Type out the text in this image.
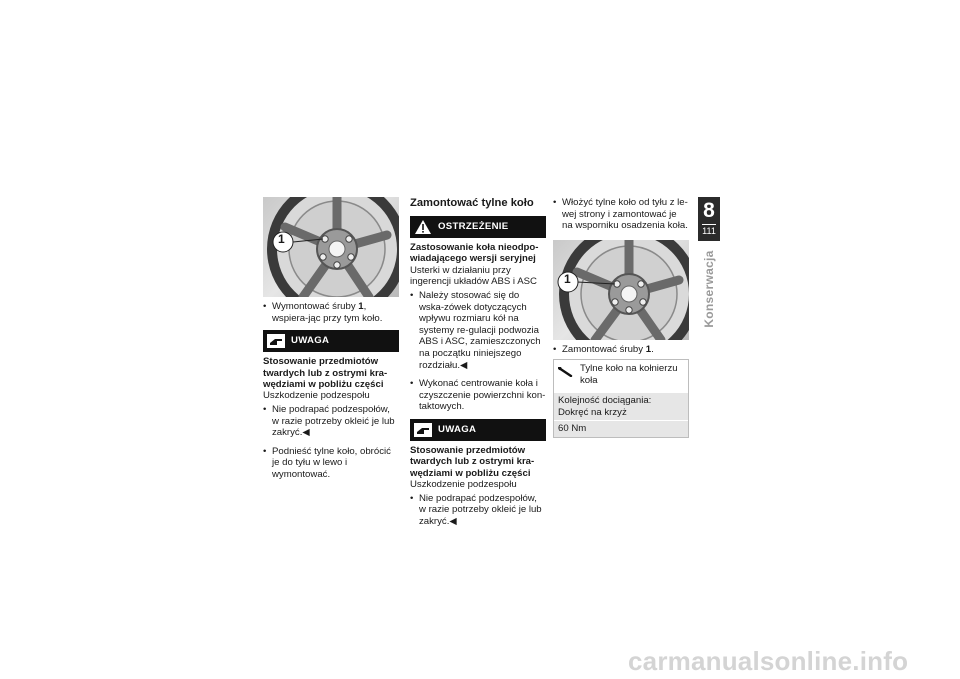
1
• Wymontować śruby 1, wspiera-jąc przy tym koło.
UWAGA
Stosowanie przedmiotów twardych lub z ostrymi kra-wędziami w pobliżu części
Uszkodzenie podzespołu
• Nie podrapać podzespołów, w razie potrzeby okleić je lub zakryć.◀
• Podnieść tylne koło, obrócić je do tyłu w lewo i wymontować.
Zamontować tylne koło
OSTRZEŻENIE
Zastosowanie koła nieodpo-wiadającego wersji seryjnej
Usterki w działaniu przy ingerencji układów ABS i ASC
• Należy stosować się do wska-zówek dotyczących wpływu rozmiaru kół na systemy re-gulacji podwozia ABS i ASC, zamieszczonych na początku niniejszego rozdziału.◀
• Wykonać centrowanie koła i czyszczenie powierzchni kon-taktowych.
UWAGA
Stosowanie przedmiotów twardych lub z ostrymi kra-wędziami w pobliżu części
Uszkodzenie podzespołu
• Nie podrapać podzespołów, w razie potrzeby okleić je lub zakryć.◀
• Włożyć tylne koło od tyłu z le-wej strony i zamontować je na wsporniku osadzenia koła.
1
• Zamontować śruby 1.
Tylne koło na kołnierzu koła
Kolejność dociągania: Dokręć na krzyż
60 Nm
8
111
Konserwacja
carmanualsonline.info
